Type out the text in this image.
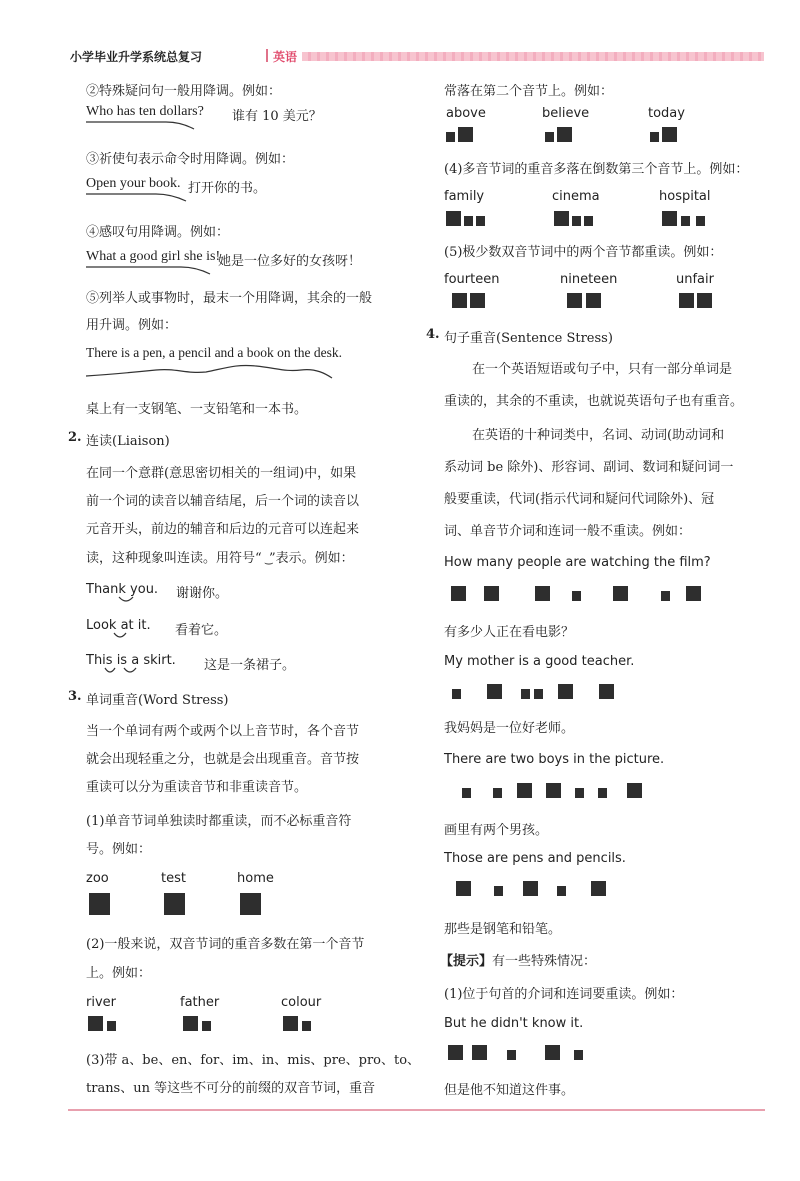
小学毕业升学系统总复习	英语
②特殊疑问句一般用降调。例如：
Who has ten dollars? 谁有 10 美元？
③祈使句表示命令时用降调。例如：
Open your book. 打开你的书。
④感叹句用降调。例如：
What a good girl she is!
她是一位多好的女孩呀！
⑤列举人或事物时，最末一个用降调，其余的一般
用升调。例如：
There is a pen, a pencil and a book on the desk.
桌上有一支钢笔、一支铅笔和一本书。
2. 连读(Liaison)
在同一个意群(意思密切相关的一组词)中，如果
前一个词的读音以辅音结尾，后一个词的读音以
元音开头，前边的辅音和后边的元音可以连起来
读，这种现象叫连读。用符号“ ͜ ”表示。例如：
Thank you. 谢谢你。
Look at it. 看着它。
This is a skirt. 这是一条裙子。
3. 单词重音(Word Stress)
当一个单词有两个或两个以上音节时，各个音节
就会出现轻重之分，也就是会出现重音。音节按
重读可以分为重读音节和非重读音节。
(1)单音节词单独读时都重读，而不必标重音符
号。例如：
zoo	test	home
(2)一般来说，双音节词的重音多数在第一个音节
上。例如：
river	father	colour
(3)带 a、be、en、for、im、in、mis、pre、pro、to、
trans、un 等这些不可分的前缀的双音节词，重音
常落在第二个音节上。例如：
above	believe	today
(4)多音节词的重音多落在倒数第三个音节上。例如：
family	cinema	hospital
(5)极少数双音节词中的两个音节都重读。例如：
fourteen	nineteen	unfair
4. 句子重音(Sentence Stress)
在一个英语短语或句子中，只有一部分单词是
重读的，其余的不重读，也就说英语句子也有重音。
在英语的十种词类中，名词、动词(助动词和
系动词 be 除外)、形容词、副词、数词和疑问词一
般要重读，代词(指示代词和疑问代词除外)、冠
词、单音节介词和连词一般不重读。例如：
How many people are watching the film?
有多少人正在看电影？
My mother is a good teacher.
我妈妈是一位好老师。
There are two boys in the picture.
画里有两个男孩。
Those are pens and pencils.
那些是钢笔和铅笔。
【提示】 有一些特殊情况：
(1)位于句首的介词和连词要重读。例如：
But he didn't know it.
但是他不知道这件事。
